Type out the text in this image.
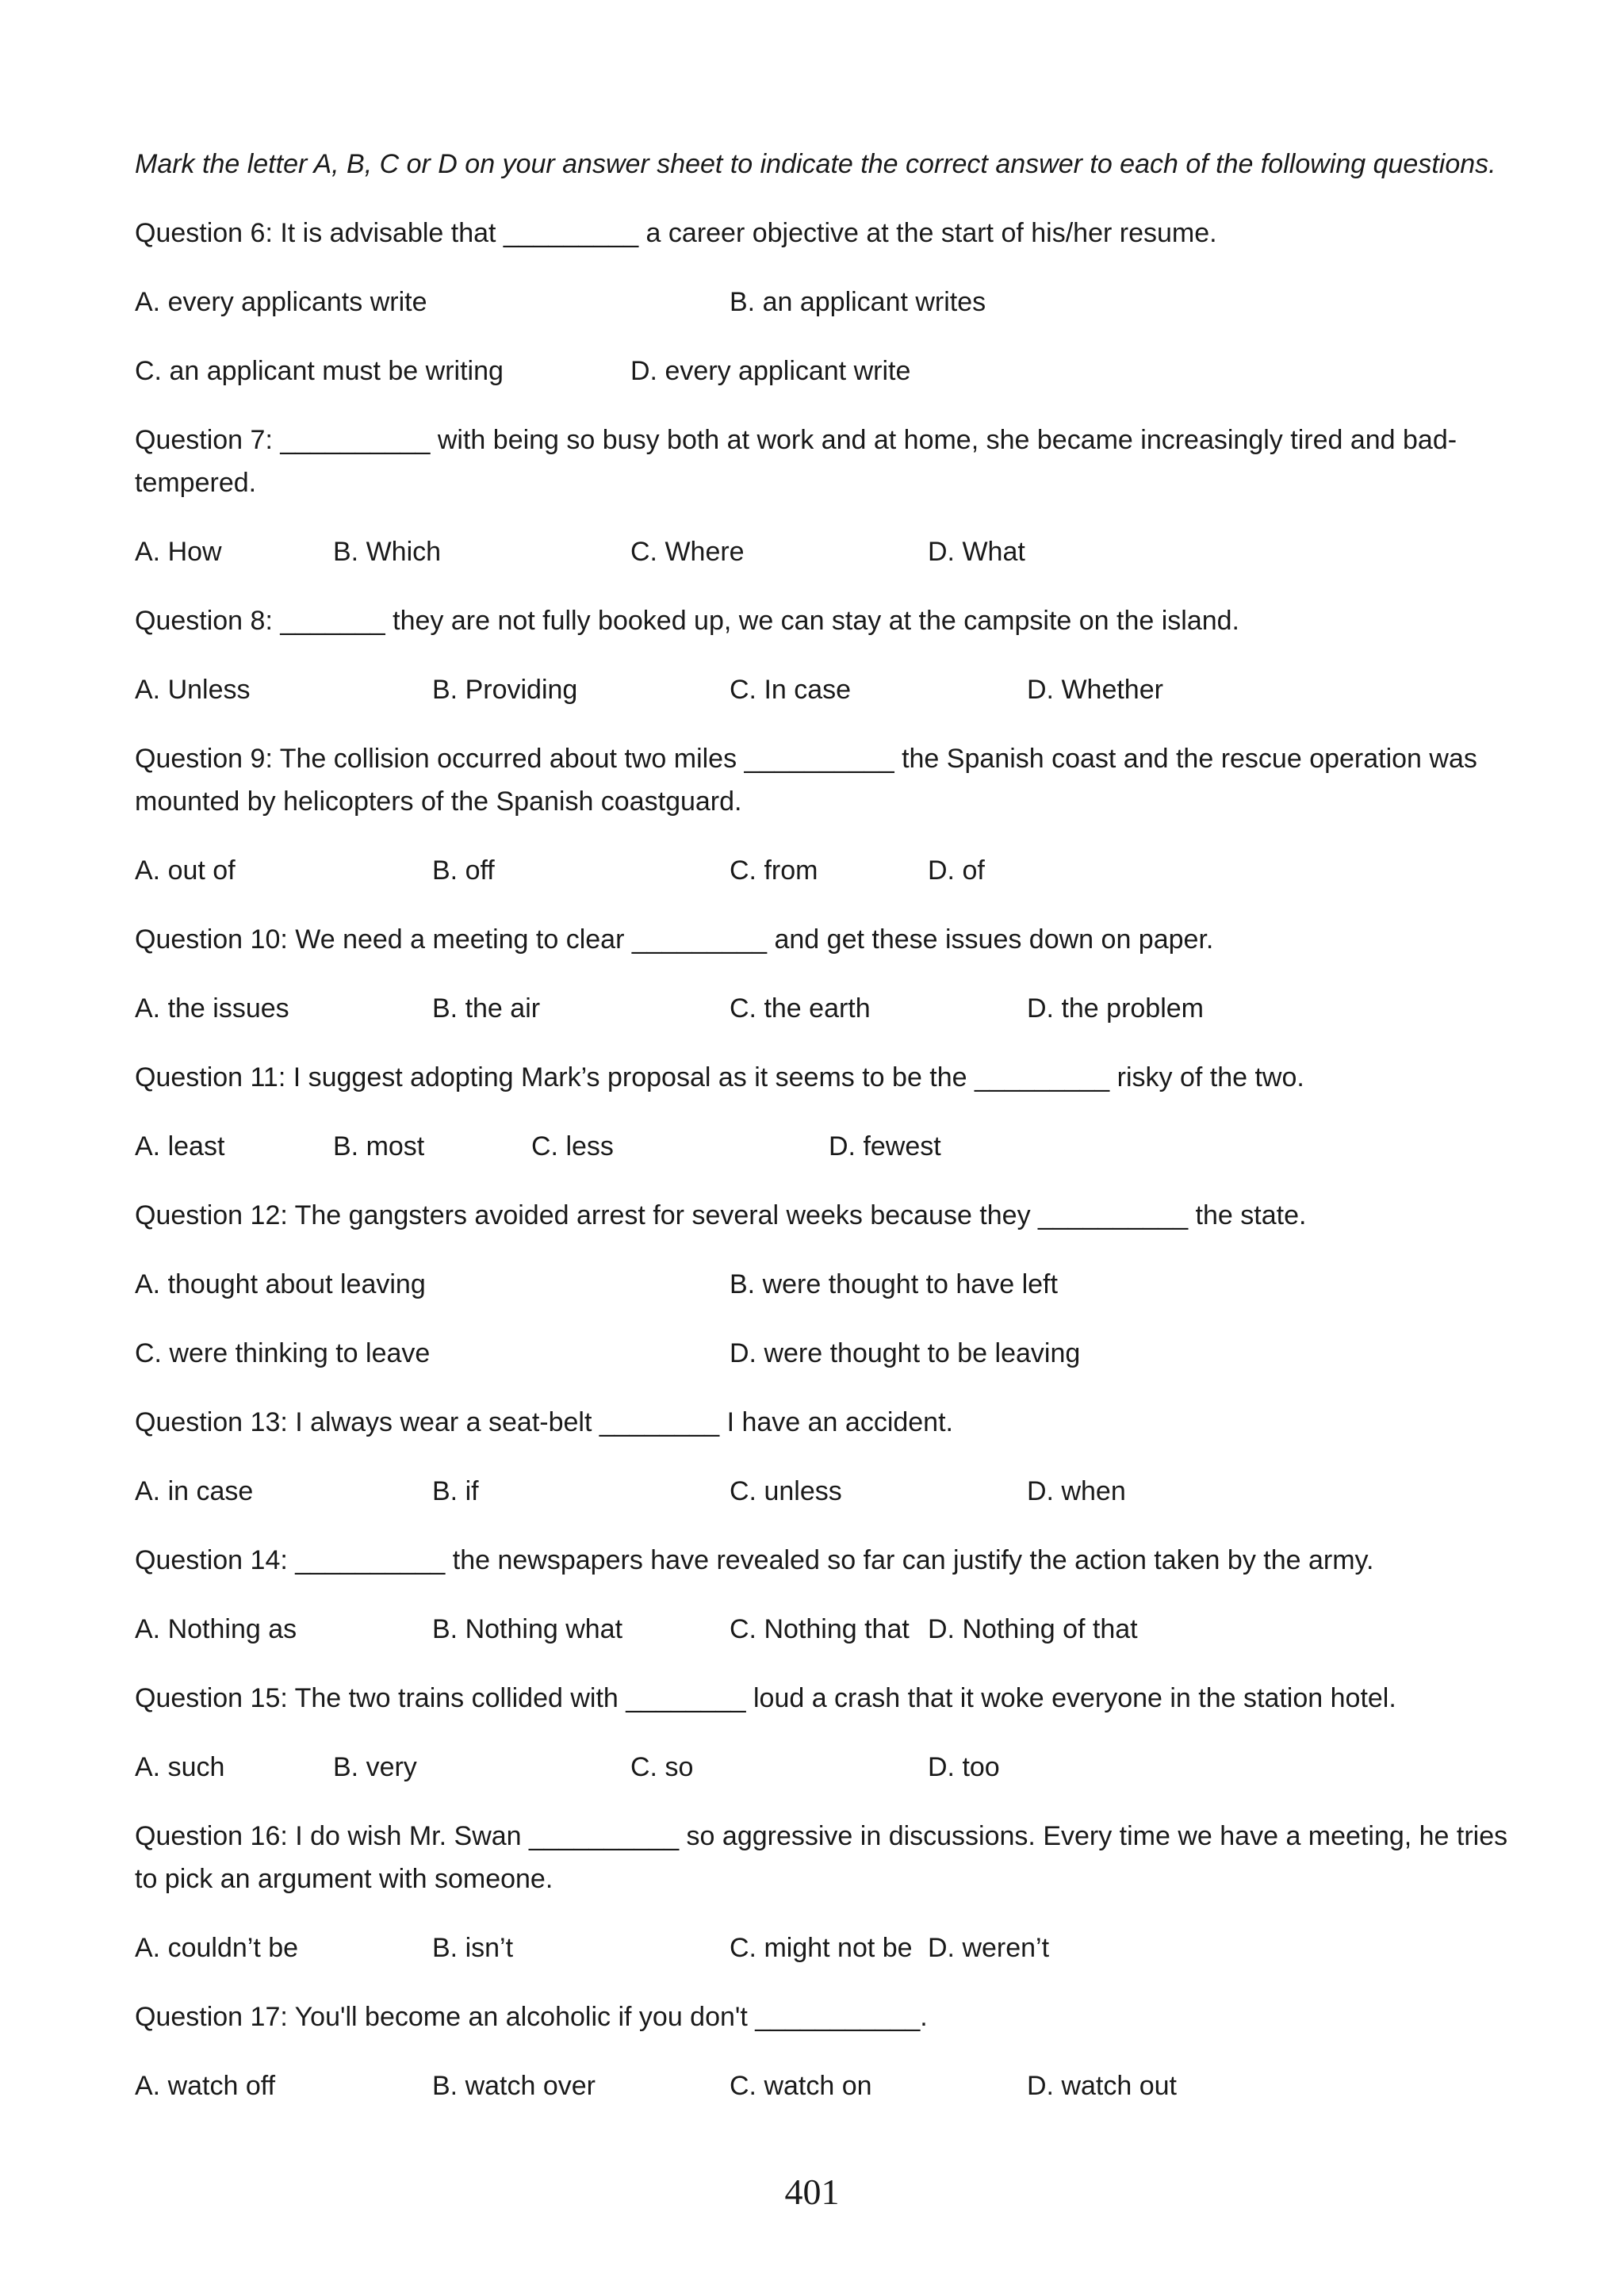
Mark the letter A, B, C or D on your answer sheet to indicate the correct answer to each of the following questions.
Question 6: It is advisable that _________ a career objective at the start of his/her resume.
A. every applicants write	B. an applicant writes
C. an applicant must be writing	D. every applicant write
Question 7: __________ with being so busy both at work and at home, she became increasingly tired and bad-tempered.
A. How	B. Which	C. Where	D. What
Question 8: _______ they are not fully booked up, we can stay at the campsite on the island.
A. Unless	B. Providing	C. In case	D. Whether
Question 9: The collision occurred about two miles __________ the Spanish coast and the rescue operation was mounted by helicopters of the Spanish coastguard.
A. out of	B. off	C. from	D. of
Question 10: We need a meeting to clear _________ and get these issues down on paper.
A. the issues	B. the air	C. the earth	D. the problem
Question 11: I suggest adopting Mark’s proposal as it seems to be the _________ risky of the two.
A. least	B. most	C. less	D. fewest
Question 12: The gangsters avoided arrest for several weeks because they __________ the state.
A. thought about leaving	B. were thought to have left
C. were thinking to leave	D. were thought to be leaving
Question 13: I always wear a seat-belt ________ I have an accident.
A. in case	B. if	C. unless	D. when
Question 14: __________ the newspapers have revealed so far can justify the action taken by the army.
A. Nothing as	B. Nothing what	C. Nothing that D. Nothing of that
Question 15: The two trains collided with ________ loud a crash that it woke everyone in the station hotel.
A. such	B. very	C. so	D. too
Question 16: I do wish Mr. Swan __________ so aggressive in discussions. Every time we have a meeting, he tries to pick an argument with someone.
A. couldn’t be	B. isn’t	C. might not be D. weren’t
Question 17: You'll become an alcoholic if you don't ___________.
A. watch off	B. watch over	C. watch on	D. watch out
401
